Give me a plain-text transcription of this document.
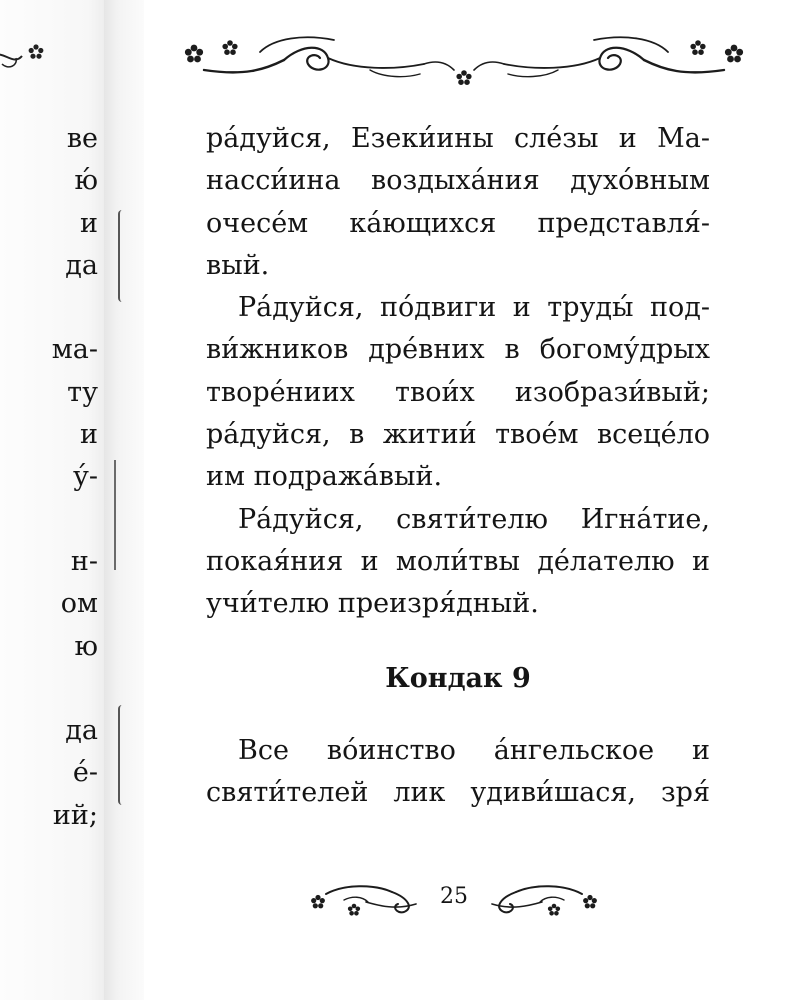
ве
ю́
и
да
ма-
ту
и
у́-
н-
ом
ю
да
е́-
ий;
ра́дуйся, Езеки́ины сле́зы и Ма-
насси́ина воздыха́ния духо́вным
очесе́м ка́ющихся представля́-
вый.
Ра́дуйся, по́двиги и труды́ под-
ви́жников дре́вних в богому́дрых
творе́ниих твои́х изобрази́вый;
ра́дуйся, в житии́ твое́м всеце́ло
им подража́вый.
Ра́дуйся, святи́телю Игна́тие,
покая́ния и моли́твы де́лателю и
учи́телю преизря́дный.
Кондак 9
Все во́инство а́нгельское и
святи́телей лик удиви́шася, зря́
25
